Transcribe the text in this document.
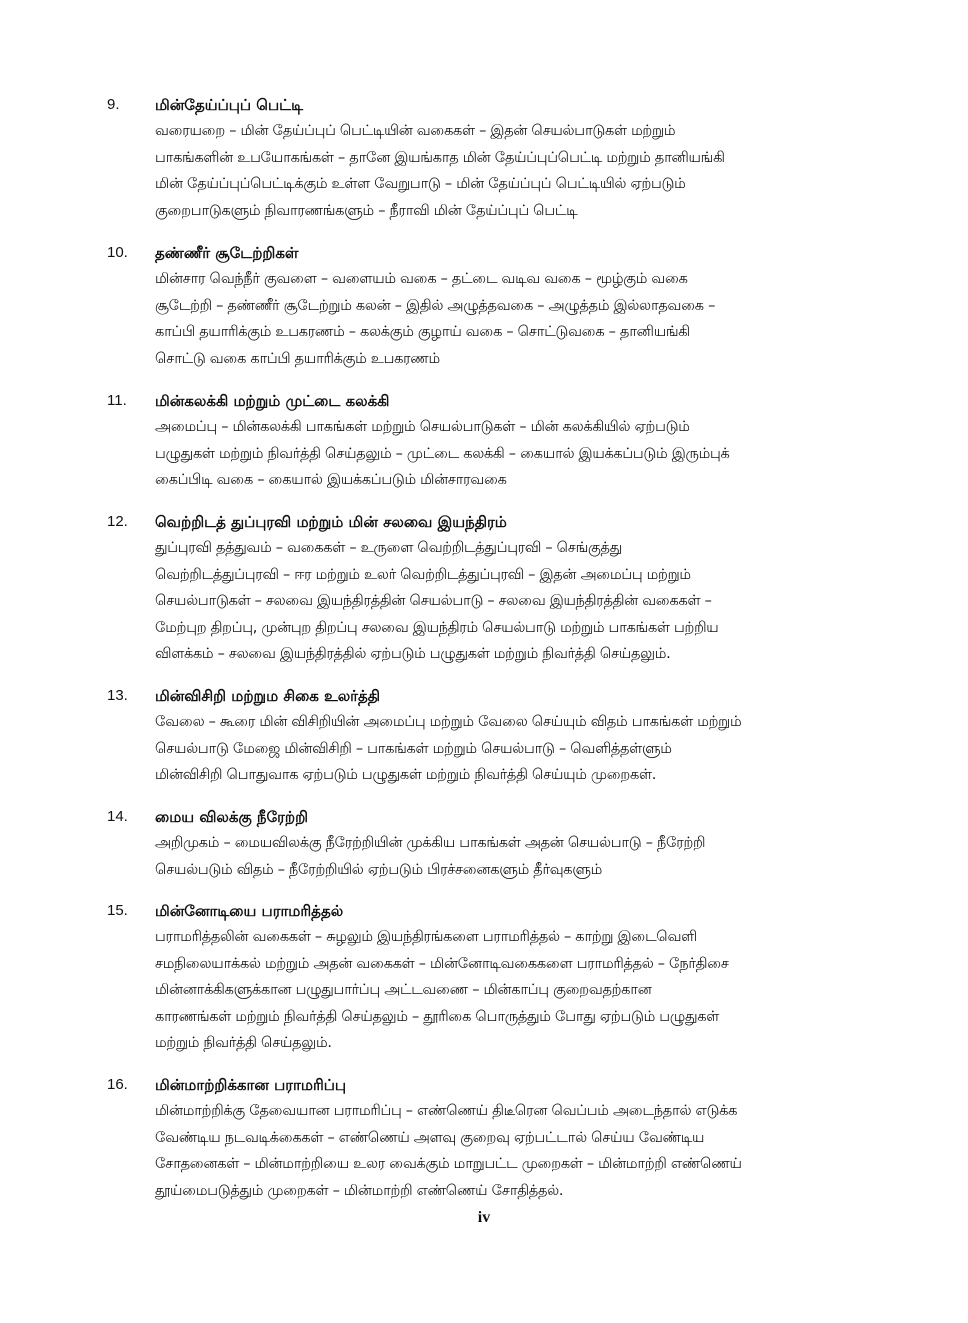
9.	மின்தேய்ப்புப் பெட்டி
வரையறை – மின் தேய்ப்புப் பெட்டியின் வகைகள் – இதன் செயல்பாடுகள் மற்றும்
பாகங்களின் உபயோகங்கள் – தானே இயங்காத மின் தேய்ப்புப்பெட்டி மற்றும் தானியங்கி
மின் தேய்ப்புப்பெட்டிக்கும் உள்ள வேறுபாடு – மின் தேய்ப்புப் பெட்டியில் ஏற்படும்
குறைபாடுகளும் நிவாரணங்களும் – நீராவி மின் தேய்ப்புப் பெட்டி
10.	தண்ணீர் சூடேற்றிகள்
மின்சார வெந்நீர் குவளை – வளையம் வகை – தட்டை வடிவ வகை – மூழ்கும் வகை
சூடேற்றி – தண்ணீர் சூடேற்றும் கலன் – இதில் அழுத்தவகை – அழுத்தம் இல்லாதவகை –
காப்பி தயாரிக்கும் உபகரணம் – கலக்கும் குழாய் வகை – சொட்டுவகை – தானியங்கி
சொட்டு வகை காப்பி தயாரிக்கும் உபகரணம்
11.	மின்கலக்கி மற்றும் முட்டை கலக்கி
அமைப்பு – மின்கலக்கி பாகங்கள் மற்றும் செயல்பாடுகள் – மின் கலக்கியில் ஏற்படும்
பழுதுகள் மற்றும் நிவர்த்தி செய்தலும் – முட்டை கலக்கி – கையால் இயக்கப்படும் இரும்புக்
கைப்பிடி வகை – கையால் இயக்கப்படும் மின்சாரவகை
12.	வெற்றிடத் துப்புரவி மற்றும் மின் சலவை இயந்திரம்
துப்புரவி தத்துவம் – வகைகள் – உருளை வெற்றிடத்துப்புரவி – செங்குத்து
வெற்றிடத்துப்புரவி – ஈர மற்றும் உலர் வெற்றிடத்துப்புரவி – இதன் அமைப்பு மற்றும்
செயல்பாடுகள் – சலவை இயந்திரத்தின் செயல்பாடு – சலவை இயந்திரத்தின் வகைகள் –
மேற்புற திறப்பு, முன்புற திறப்பு சலவை இயந்திரம் செயல்பாடு மற்றும் பாகங்கள் பற்றிய
விளக்கம் – சலவை இயந்திரத்தில் ஏற்படும் பழுதுகள் மற்றும் நிவர்த்தி செய்தலும்.
13.	மின்விசிறி மற்றும சிகை உலர்த்தி
வேலை – கூரை மின் விசிறியின் அமைப்பு மற்றும் வேலை செய்யும் விதம் பாகங்கள் மற்றும்
செயல்பாடு மேஜை மின்விசிறி – பாகங்கள் மற்றும் செயல்பாடு – வெளித்தள்ளும்
மின்விசிறி பொதுவாக ஏற்படும் பழுதுகள் மற்றும் நிவர்த்தி செய்யும் முறைகள்.
14.	மைய விலக்கு நீரேற்றி
அறிமுகம் – மையவிலக்கு நீரேற்றியின் முக்கிய பாகங்கள் அதன் செயல்பாடு – நீரேற்றி
செயல்படும் விதம் – நீரேற்றியில் ஏற்படும் பிரச்சனைகளும் தீர்வுகளும்
15.	மின்னோடியை பராமரித்தல்
பராமரித்தலின் வகைகள் – சுழலும் இயந்திரங்களை பராமரித்தல் – காற்று இடைவெளி
சமநிலையாக்கல் மற்றும் அதன் வகைகள் – மின்னோடிவகைகளை பராமரித்தல் – நேர்திசை
மின்னாக்கிகளுக்கான பழுதுபார்ப்பு அட்டவணை – மின்காப்பு குறைவதற்கான
காரணங்கள் மற்றும் நிவர்த்தி செய்தலும் – தூரிகை பொருத்தும் போது ஏற்படும் பழுதுகள்
மற்றும் நிவர்த்தி செய்தலும்.
16.	மின்மாற்றிக்கான பராமரிப்பு
மின்மாற்றிக்கு தேவையான பராமரிப்பு – எண்ணெய் திடீரென வெப்பம் அடைந்தால் எடுக்க
வேண்டிய நடவடிக்கைகள் – எண்ணெய் அளவு குறைவு ஏற்பட்டால் செய்ய வேண்டிய
சோதனைகள் – மின்மாற்றியை உலர வைக்கும் மாறுபட்ட முறைகள் – மின்மாற்றி எண்ணெய்
தூய்மைபடுத்தும் முறைகள் – மின்மாற்றி எண்ணெய் சோதித்தல்.
iv
